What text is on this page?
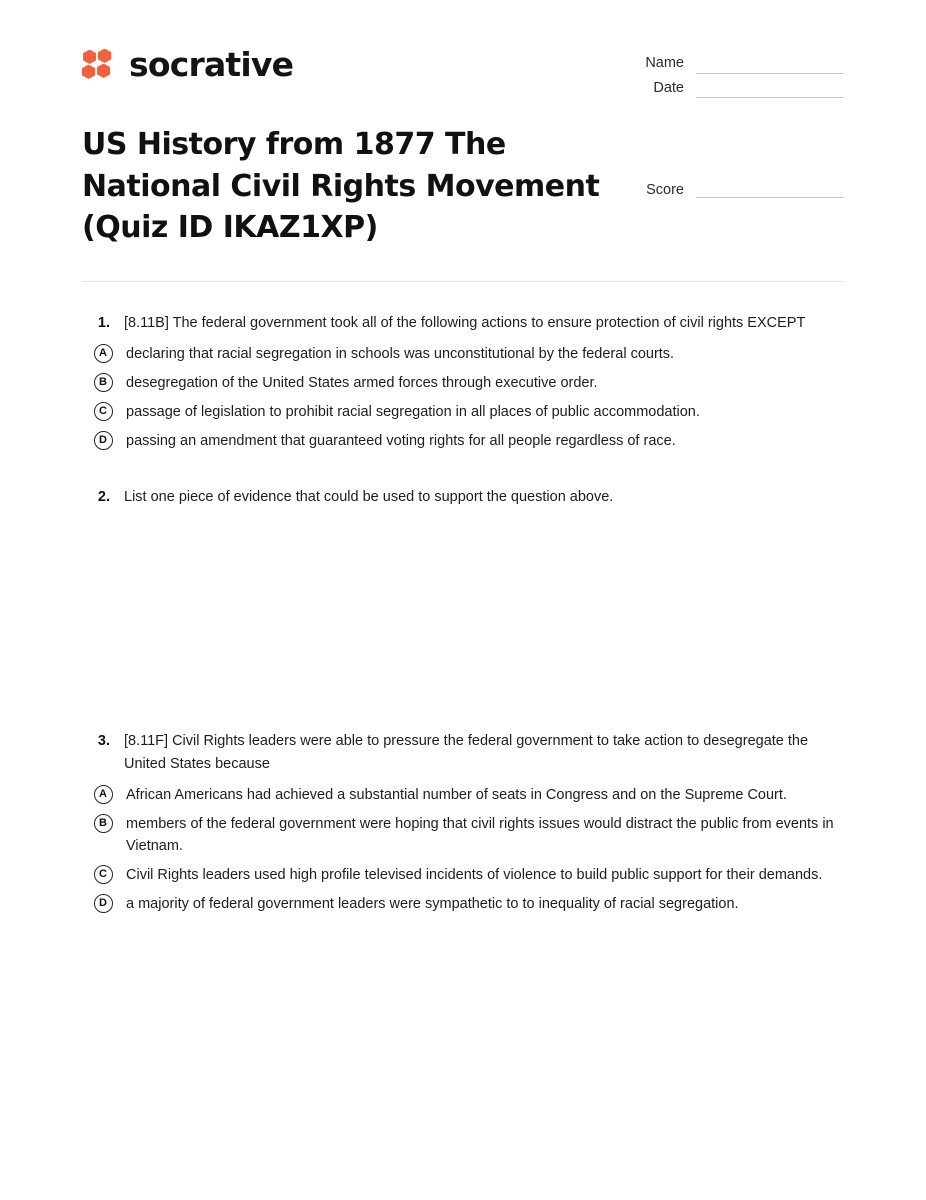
socrative	Name
Date
US History from 1877 The National Civil Rights Movement (Quiz ID IKAZ1XP)
Score
1. [8.11B] The federal government took all of the following actions to ensure protection of civil rights EXCEPT
A	declaring that racial segregation in schools was unconstitutional by the federal courts.
B	desegregation of the United States armed forces through executive order.
C	passage of legislation to prohibit racial segregation in all places of public accommodation.
D	passing an amendment that guaranteed voting rights for all people regardless of race.
2. List one piece of evidence that could be used to support the question above.
3. [8.11F] Civil Rights leaders were able to pressure the federal government to take action to desegregate the United States because
A	African Americans had achieved a substantial number of seats in Congress and on the Supreme Court.
B	members of the federal government were hoping that civil rights issues would distract the public from events in Vietnam.
C	Civil Rights leaders used high profile televised incidents of violence to build public support for their demands.
D	a majority of federal government leaders were sympathetic to to inequality of racial segregation.
